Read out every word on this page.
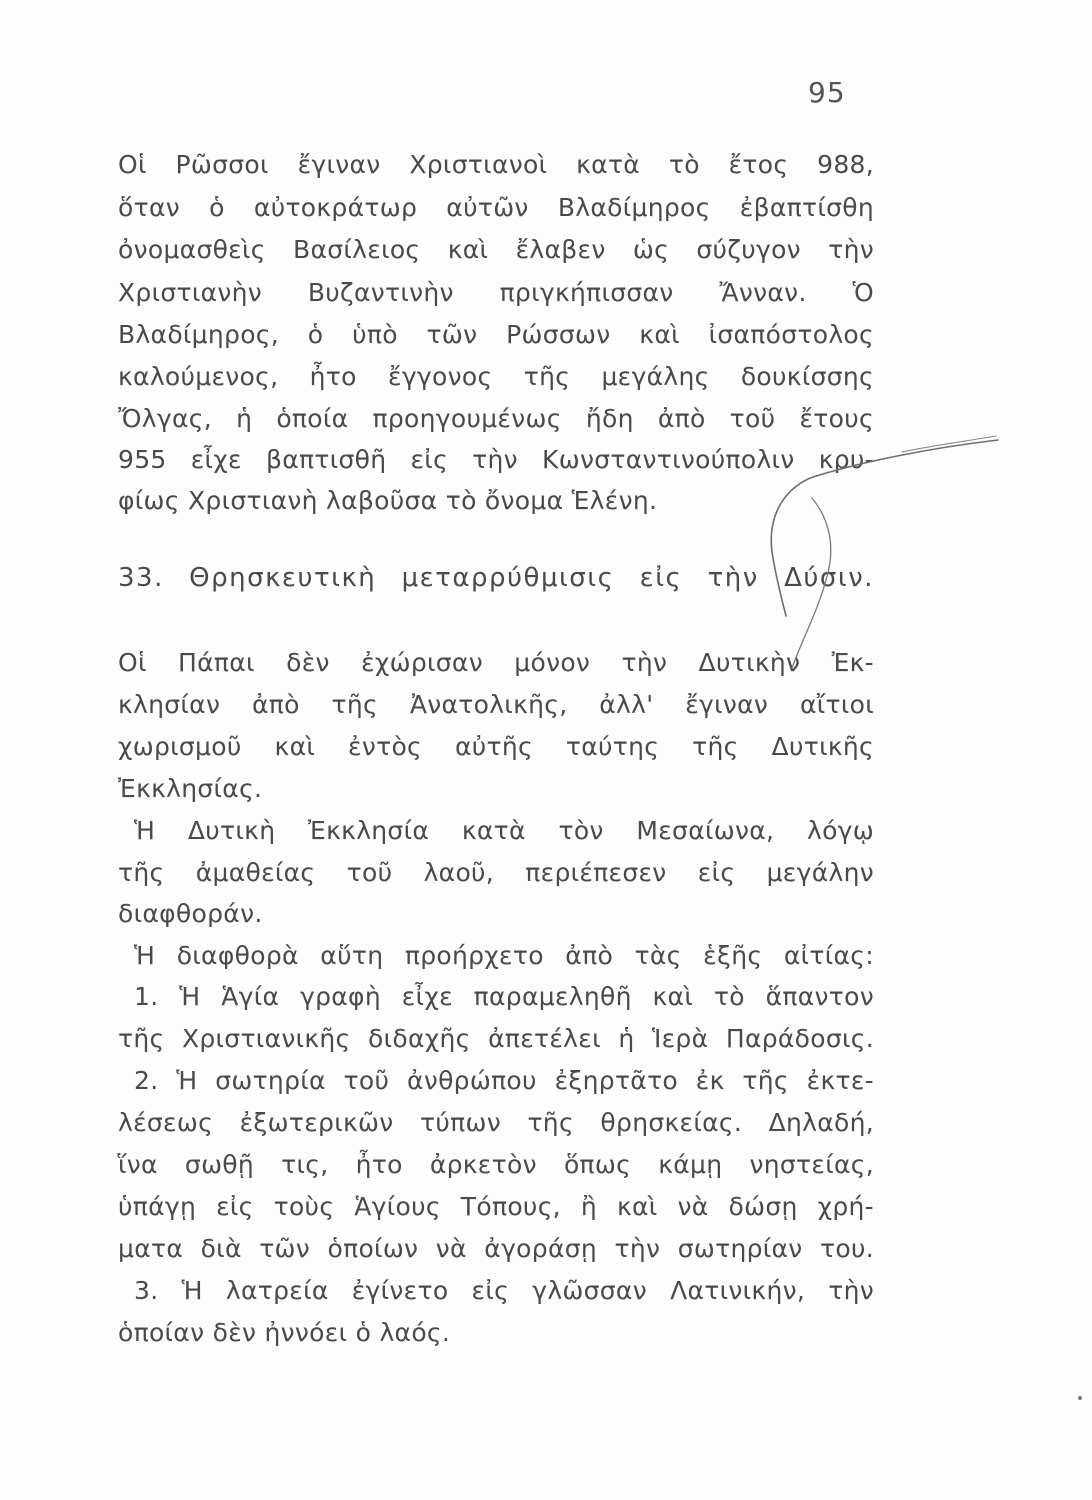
95
Οἱ Ρῶσσοι ἔγιναν Χριστιανοὶ κατὰ τὸ ἔτος 988,
ὅταν ὁ αὐτοκράτωρ αὐτῶν Βλαδίμηρος ἐβαπτίσθη
ὀνομασθεὶς Βασίλειος καὶ ἔλαβεν ὡς σύζυγον τὴν
Χριστιανὴν Βυζαντινὴν πριγκήπισσαν Ἄνναν. Ὁ
Βλαδίμηρος, ὁ ὑπὸ τῶν Ρώσσων καὶ ἰσαπόστολος
καλούμενος, ἦτο ἔγγονος τῆς μεγάλης δουκίσσης
Ὄλγας, ἡ ὁποία προηγουμένως ἤδη ἀπὸ τοῦ ἔτους
955 εἶχε βαπτισθῆ εἰς τὴν Κωνσταντινούπολιν κρυ-
φίως Χριστιανὴ λαβοῦσα τὸ ὄνομα Ἑλένη.
33. Θρησκευτικὴ μεταρρύθμισις εἰς τὴν Δύσιν.
Οἱ Πάπαι δὲν ἐχώρισαν μόνον τὴν Δυτικὴν Ἐκ-
κλησίαν ἀπὸ τῆς Ἀνατολικῆς, ἀλλ' ἔγιναν αἴτιοι
χωρισμοῦ καὶ ἐντὸς αὐτῆς ταύτης τῆς Δυτικῆς
Ἐκκλησίας.
Ἡ Δυτικὴ Ἐκκλησία κατὰ τὸν Μεσαίωνα, λόγῳ
τῆς ἀμαθείας τοῦ λαοῦ, περιέπεσεν εἰς μεγάλην
διαφθοράν.
Ἡ διαφθορὰ αὕτη προήρχετο ἀπὸ τὰς ἑξῆς αἰτίας:
1. Ἡ Ἁγία γραφὴ εἶχε παραμεληθῆ καὶ τὸ ἅπαντον
τῆς Χριστιανικῆς διδαχῆς ἀπετέλει ἡ Ἱερὰ Παράδοσις.
2. Ἡ σωτηρία τοῦ ἀνθρώπου ἐξηρτᾶτο ἐκ τῆς ἐκτε-
λέσεως ἐξωτερικῶν τύπων τῆς θρησκείας. Δηλαδή,
ἵνα σωθῇ τις, ἦτο ἀρκετὸν ὅπως κάμῃ νηστείας,
ὑπάγῃ εἰς τοὺς Ἁγίους Τόπους, ἢ καὶ νὰ δώσῃ χρή-
ματα διὰ τῶν ὁποίων νὰ ἀγοράσῃ τὴν σωτηρίαν του.
3. Ἡ λατρεία ἐγίνετο εἰς γλῶσσαν Λατινικήν, τὴν
ὁποίαν δὲν ἠννόει ὁ λαός.
